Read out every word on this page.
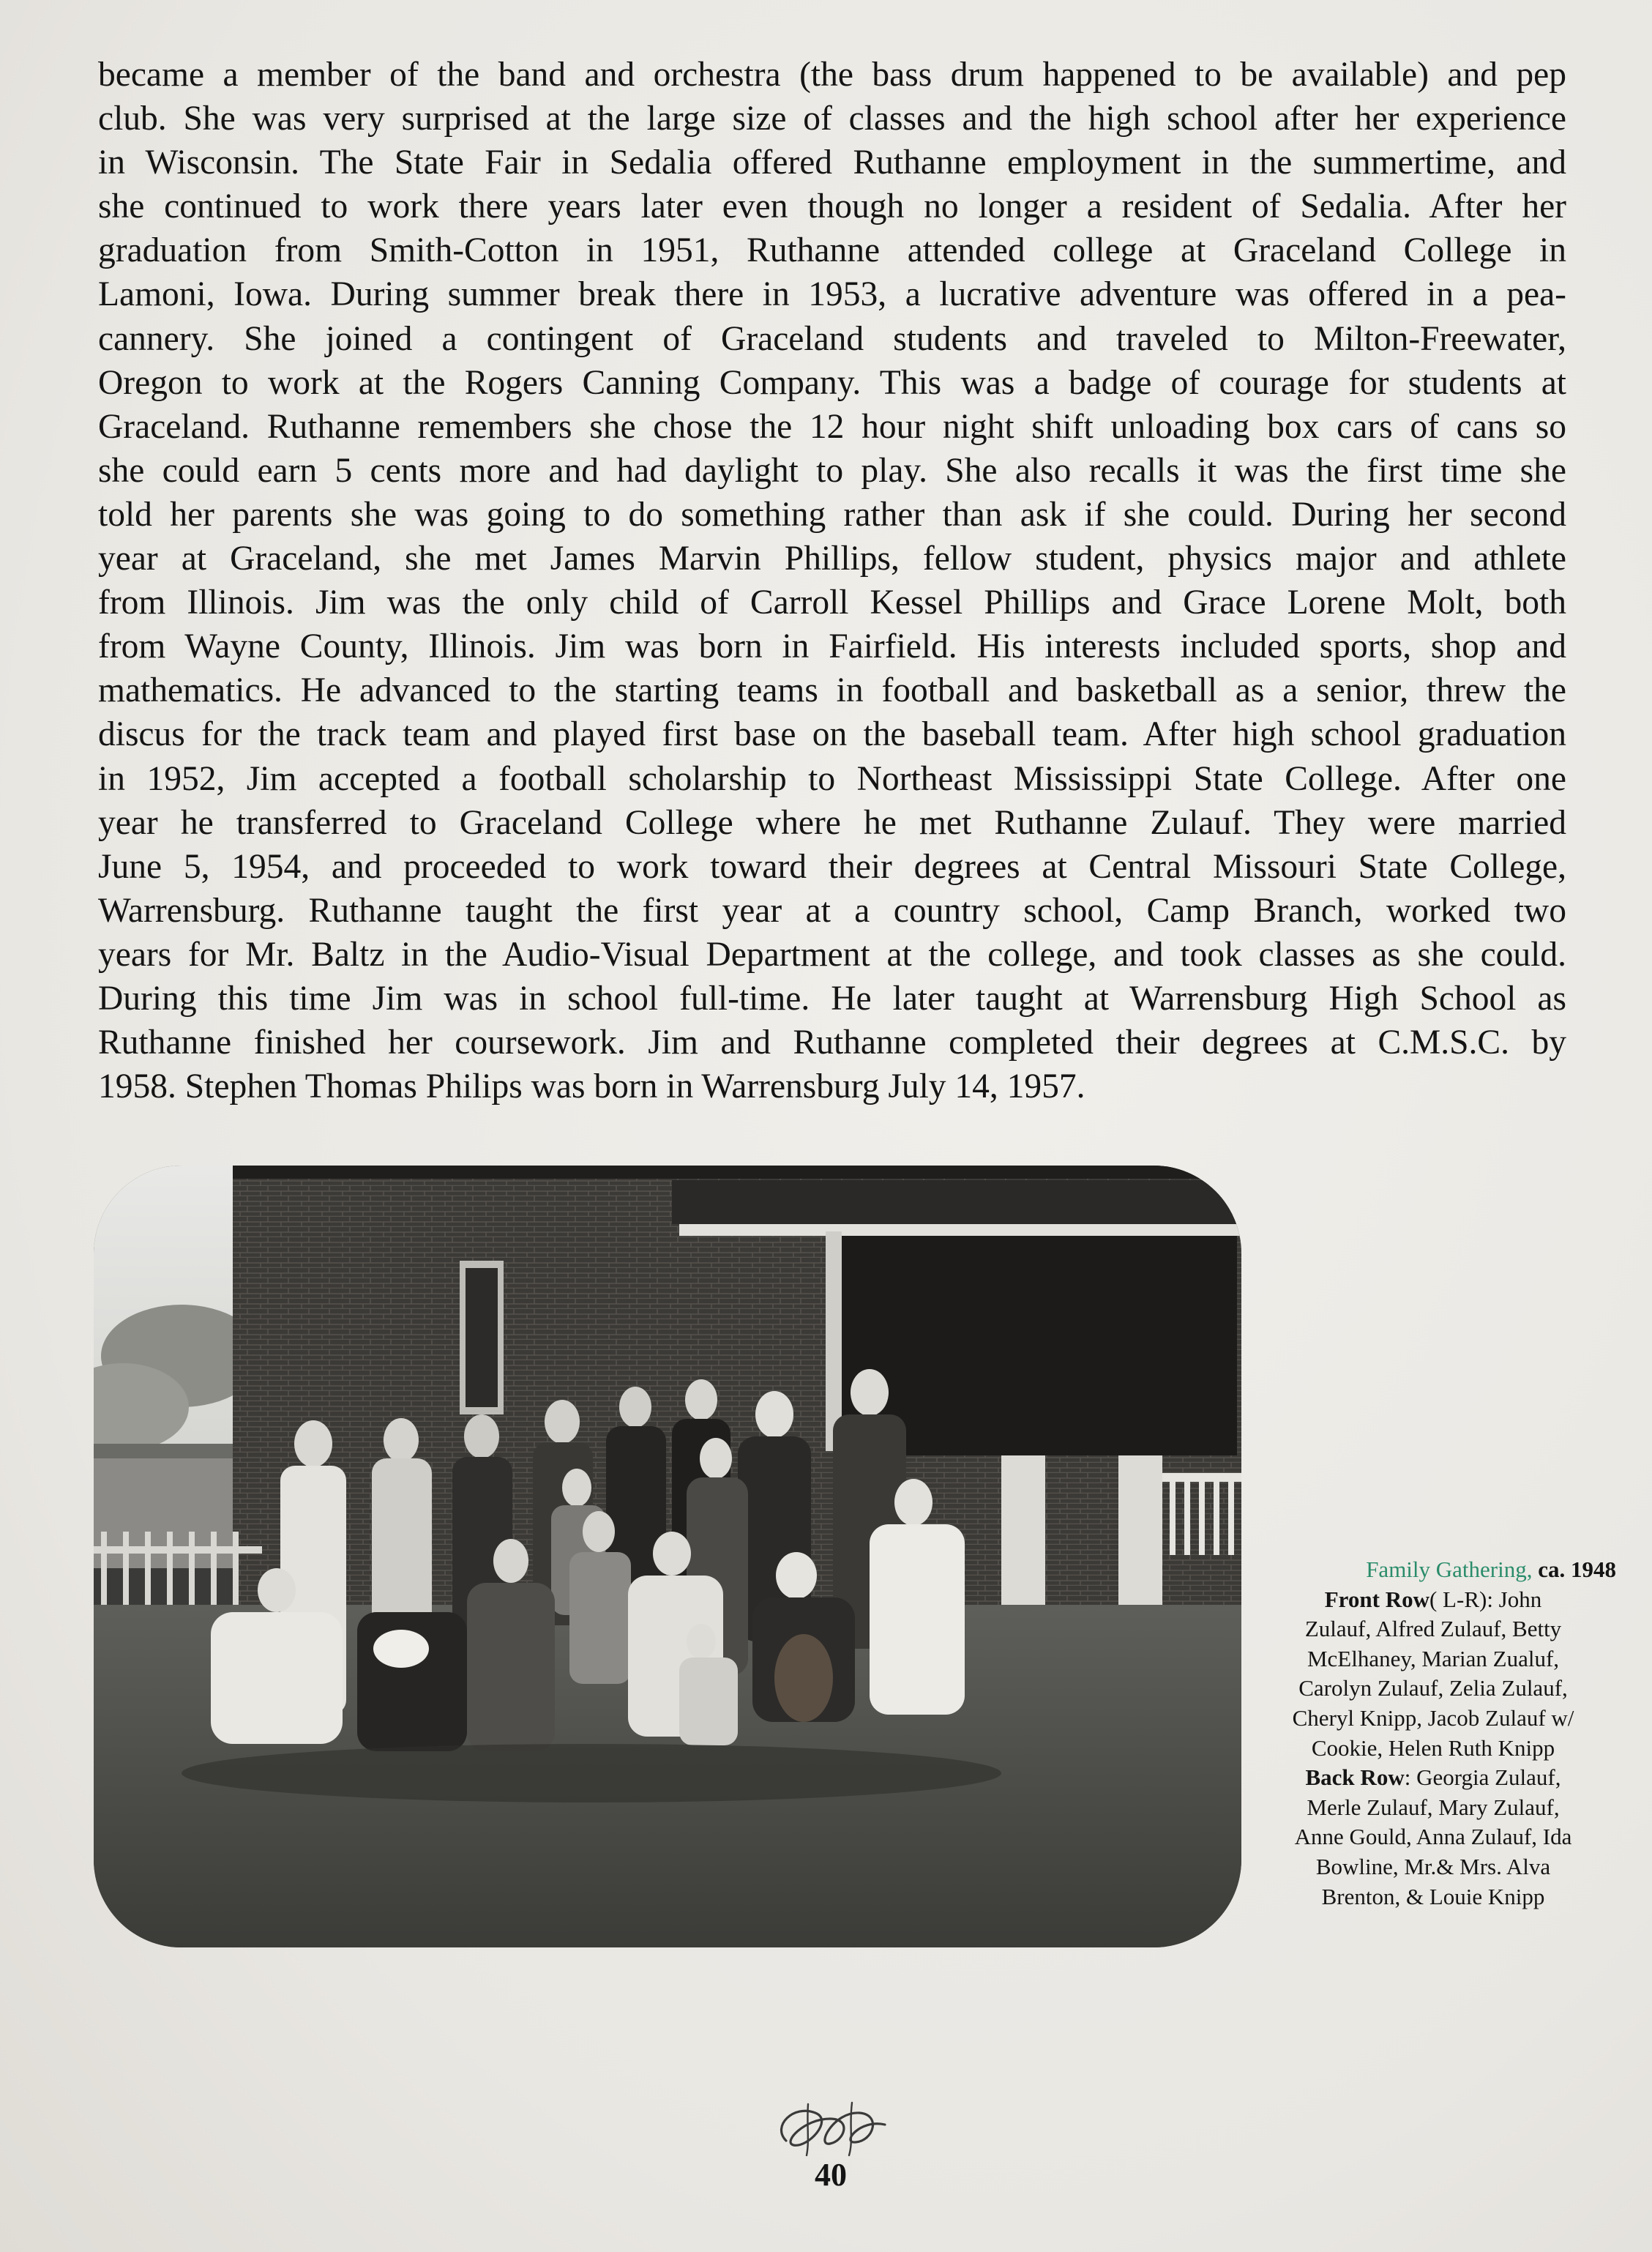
became a member of the band and orchestra (the bass drum happened to be available) and pep
club. She was very surprised at the large size of classes and the high school after her experience
in Wisconsin. The State Fair in Sedalia offered Ruthanne employment in the summertime, and
she continued to work there years later even though no longer a resident of Sedalia. After her
graduation from Smith-Cotton in 1951, Ruthanne attended college at Graceland College in
Lamoni, Iowa. During summer break there in 1953, a lucrative adventure was offered in a pea-
cannery. She joined a contingent of Graceland students and traveled to Milton-Freewater,
Oregon to work at the Rogers Canning Company. This was a badge of courage for students at
Graceland. Ruthanne remembers she chose the 12 hour night shift unloading box cars of cans so
she could earn 5 cents more and had daylight to play. She also recalls it was the first time she
told her parents she was going to do something rather than ask if she could. During her second
year at Graceland, she met James Marvin Phillips, fellow student, physics major and athlete
from Illinois. Jim was the only child of Carroll Kessel Phillips and Grace Lorene Molt, both
from Wayne County, Illinois. Jim was born in Fairfield. His interests included sports, shop and
mathematics. He advanced to the starting teams in football and basketball as a senior, threw the
discus for the track team and played first base on the baseball team. After high school graduation
in 1952, Jim accepted a football scholarship to Northeast Mississippi State College. After one
year he transferred to Graceland College where he met Ruthanne Zulauf. They were married
June 5, 1954, and proceeded to work toward their degrees at Central Missouri State College,
Warrensburg. Ruthanne taught the first year at a country school, Camp Branch, worked two
years for Mr. Baltz in the Audio-Visual Department at the college, and took classes as she could.
During this time Jim was in school full-time. He later taught at Warrensburg High School as
Ruthanne finished her coursework. Jim and Ruthanne completed their degrees at C.M.S.C. by
1958. Stephen Thomas Philips was born in Warrensburg July 14, 1957.
Family Gathering, ca. 1948
Front Row( L-R): John
Zulauf, Alfred Zulauf, Betty
McElhaney, Marian Zualuf,
Carolyn Zulauf, Zelia Zulauf,
Cheryl Knipp, Jacob Zulauf w/
Cookie, Helen Ruth Knipp
Back Row: Georgia Zulauf,
Merle Zulauf, Mary Zulauf,
Anne Gould, Anna Zulauf, Ida
Bowline, Mr.& Mrs. Alva
Brenton, & Louie Knipp
40
